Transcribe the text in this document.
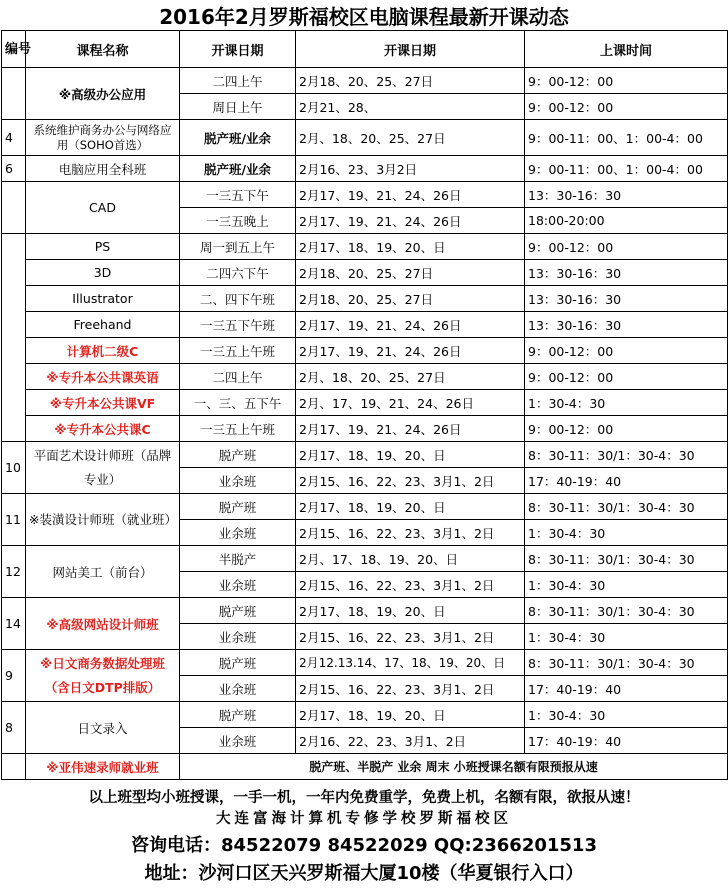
2016年2月罗斯福校区电脑课程最新开课动态
编号	课程名称	开课日期	开课日期	上课时间
	※高级办公应用	二四上午	2月18、20、25、27日	9：00-12：00
		周日上午	2月21、28、	9：00-12：00
4	系统维护商务办公与网络应用（SOHO首选）	脱产班/业余	2月、18、20、25、27日	9：00-11：00、1：00-4：00
6	电脑应用全科班	脱产班/业余	2月16、23、3月2日	9：00-11：00、1：00-4：00
	CAD	一三五下午	2月17、19、21、24、26日	13：30-16：30
		一三五晚上	2月17、19、21、24、26日	18:00-20:00
	PS	周一到五上午	2月17、18、19、20、日	9：00-12：00
	3D	二四六下午	2月18、20、25、27日	13：30-16：30
	Illustrator	二、四下午班	2月18、20、25、27日	13：30-16：30
	Freehand	一三五下午班	2月17、19、21、24、26日	13：30-16：30
	计算机二级C	一三五上午班	2月17、19、21、24、26日	9：00-12：00
	※专升本公共课英语	二四上午	2月、18、20、25、27日	9：00-12：00
	※专升本公共课VF	一、三、五下午	2月、17、19、21、24、26日	1：30-4：30
	※专升本公共课C	一三五上午班	2月17、19、21、24、26日	9：00-12：00
10	平面艺术设计师班（品牌专业）	脱产班	2月17、18、19、20、日	8：30-11：30/1：30-4：30
		业余班	2月15、16、22、23、3月1、2日	17：40-19：40
11	※装潢设计师班（就业班）	脱产班	2月17、18、19、20、日	8：30-11：30/1：30-4：30
		业余班	2月15、16、22、23、3月1、2日	1：30-4：30
12	网站美工（前台）	半脱产	2月、17、18、19、20、日	8：30-11：30/1：30-4：30
		业余班	2月15、16、22、23、3月1、2日	1：30-4：30
14	※高级网站设计师班	脱产班	2月17、18、19、20、日	8：30-11：30/1：30-4：30
		业余班	2月15、16、22、23、3月1、2日	1：30-4：30
9	※日文商务数据处理班（含日文DTP排版）	脱产班	2月12.13.14、17、18、19、20、日	8：30-11：30/1：30-4：30
		业余班	2月15、16、22、23、3月1、2日	17：40-19：40
8	日文录入	脱产班	2月17、18、19、20、日	1：30-4：30
		业余班	2月16、22、23、3月1、2日	17：40-19：40
	※亚伟速录师就业班	脱产班、半脱产 业余 周末 小班授课名额有限预报从速		
以上班型均小班授课，一手一机，一年内免费重学，免费上机，名额有限，欲报从速！
大连富海计算机专修学校罗斯福校区
咨询电话：84522079 84522029 QQ:2366201513
地址：沙河口区天兴罗斯福大厦10楼（华夏银行入口）
